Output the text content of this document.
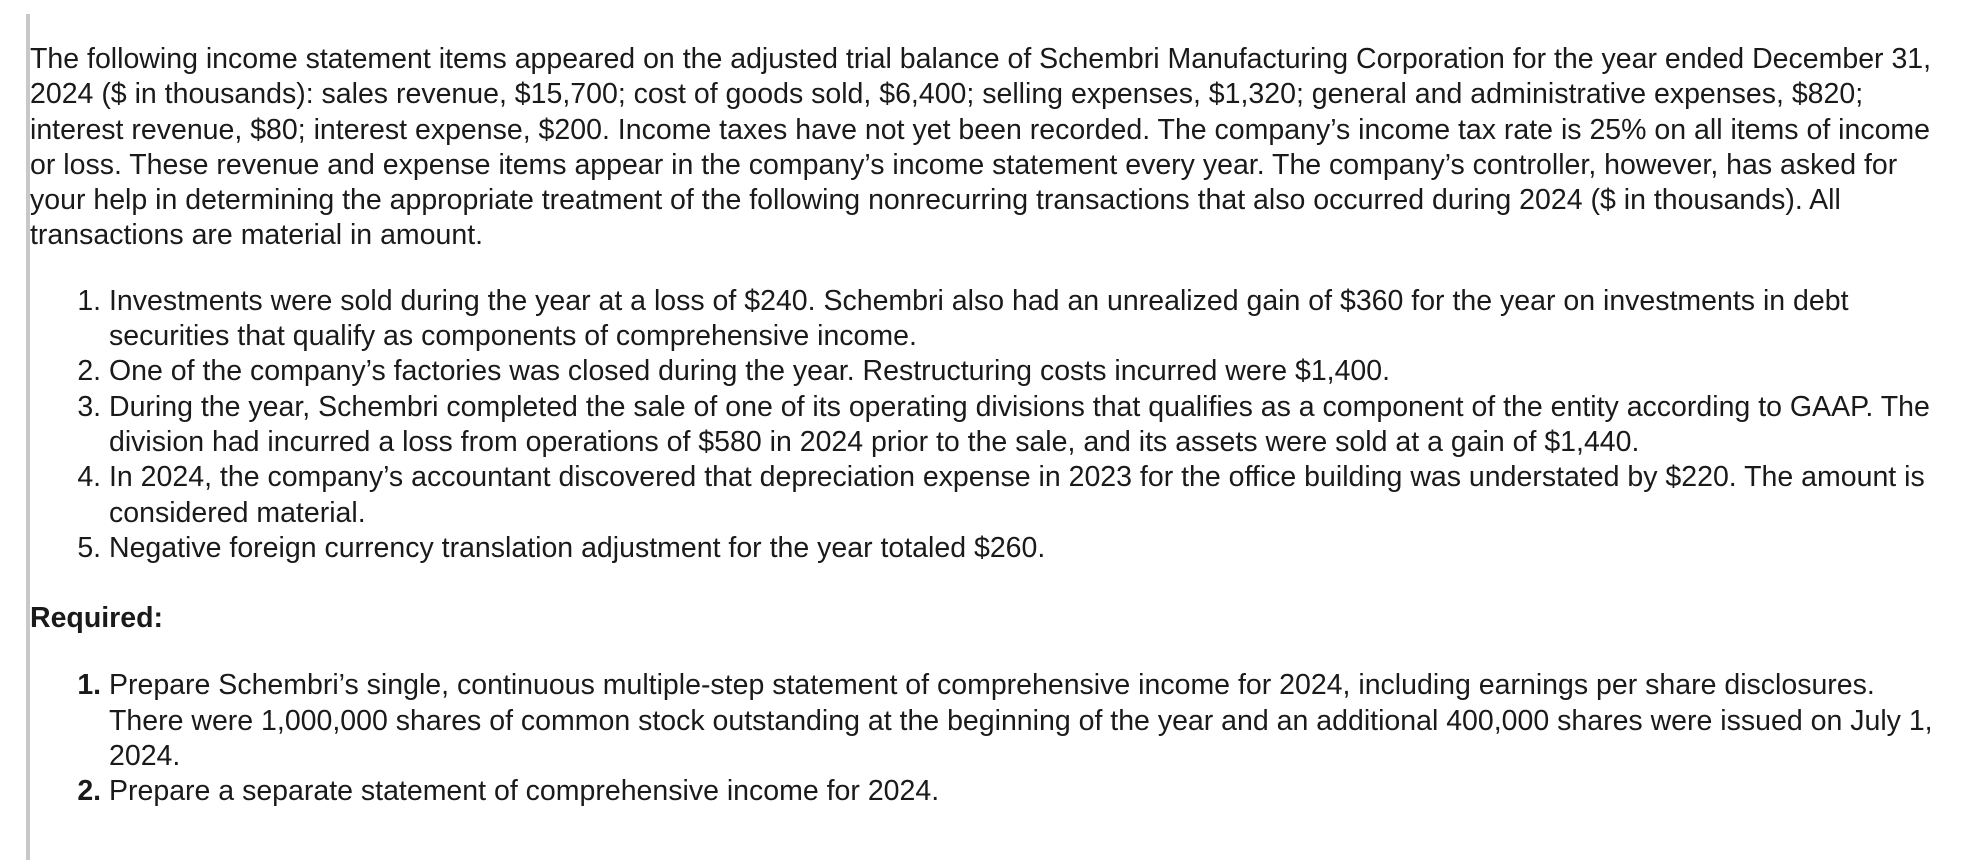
The following income statement items appeared on the adjusted trial balance of Schembri Manufacturing Corporation for the year ended December 31, 2024 ($ in thousands): sales revenue, $15,700; cost of goods sold, $6,400; selling expenses, $1,320; general and administrative expenses, $820; interest revenue, $80; interest expense, $200. Income taxes have not yet been recorded. The company’s income tax rate is 25% on all items of income or loss. These revenue and expense items appear in the company’s income statement every year. The company’s controller, however, has asked for your help in determining the appropriate treatment of the following nonrecurring transactions that also occurred during 2024 ($ in thousands). All transactions are material in amount.

1. Investments were sold during the year at a loss of $240. Schembri also had an unrealized gain of $360 for the year on investments in debt securities that qualify as components of comprehensive income.
2. One of the company’s factories was closed during the year. Restructuring costs incurred were $1,400.
3. During the year, Schembri completed the sale of one of its operating divisions that qualifies as a component of the entity according to GAAP. The division had incurred a loss from operations of $580 in 2024 prior to the sale, and its assets were sold at a gain of $1,440.
4. In 2024, the company’s accountant discovered that depreciation expense in 2023 for the office building was understated by $220. The amount is considered material.
5. Negative foreign currency translation adjustment for the year totaled $260.

Required:

1. Prepare Schembri’s single, continuous multiple-step statement of comprehensive income for 2024, including earnings per share disclosures. There were 1,000,000 shares of common stock outstanding at the beginning of the year and an additional 400,000 shares were issued on July 1, 2024.
2. Prepare a separate statement of comprehensive income for 2024.
